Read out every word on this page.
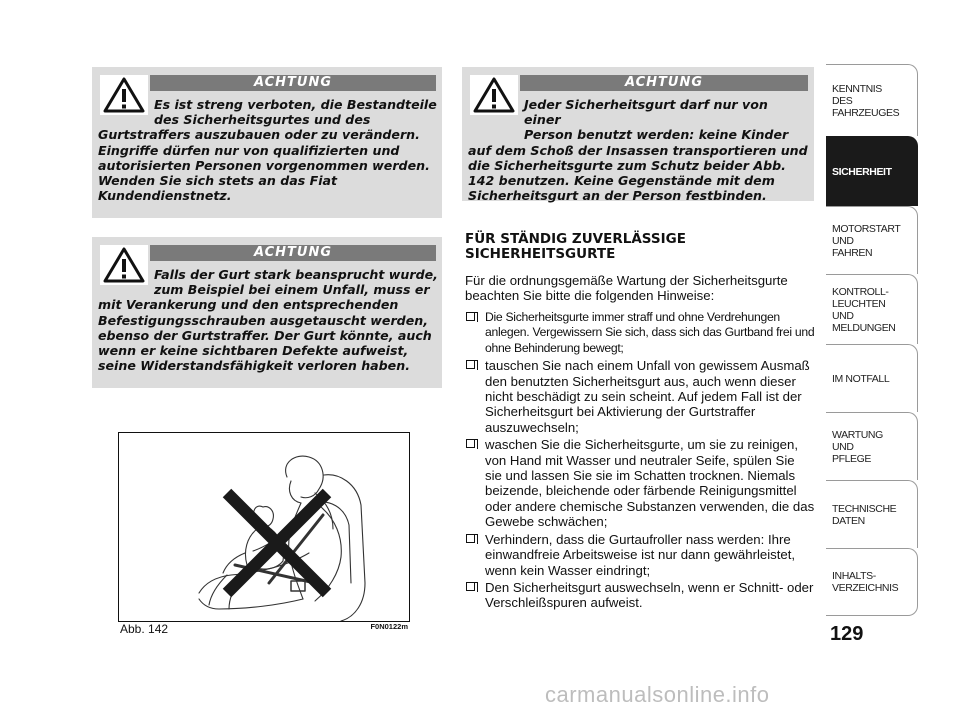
ACHTUNG
Es ist streng verboten, die Bestandteile
des Sicherheitsgurtes und des
Gurtstraffers auszubauen oder zu verändern. Eingriffe dürfen nur von qualifizierten und autorisierten Personen vorgenommen werden. Wenden Sie sich stets an das Fiat Kundendienstnetz.
ACHTUNG
Falls der Gurt stark beansprucht wurde,
zum Beispiel bei einem Unfall, muss er
mit Verankerung und den entsprechenden Befestigungsschrauben ausgetauscht werden, ebenso der Gurtstraffer. Der Gurt könnte, auch wenn er keine sichtbaren Defekte aufweist, seine Widerstandsfähigkeit verloren haben.
ACHTUNG
Jeder Sicherheitsgurt darf nur von einer
Person benutzt werden: keine Kinder
auf dem Schoß der Insassen transportieren und die Sicherheitsgurte zum Schutz beider Abb. 142 benutzen. Keine Gegenstände mit dem Sicherheitsgurt an der Person festbinden.
FÜR STÄNDIG ZUVERLÄSSIGE SICHERHEITSGURTE
Für die ordnungsgemäße Wartung der Sicherheitsgurte beachten Sie bitte die folgenden Hinweise:
Die Sicherheitsgurte immer straff und ohne Verdrehungen anlegen. Vergewissern Sie sich, dass sich das Gurtband frei und ohne Behinderung bewegt;
tauschen Sie nach einem Unfall von gewissem Ausmaß den benutzten Sicherheitsgurt aus, auch wenn dieser nicht beschädigt zu sein scheint. Auf jedem Fall ist der Sicherheitsgurt bei Aktivierung der Gurtstraffer auszuwechseln;
waschen Sie die Sicherheitsgurte, um sie zu reinigen, von Hand mit Wasser und neutraler Seife, spülen Sie sie und lassen Sie sie im Schatten trocknen. Niemals beizende, bleichende oder färbende Reinigungsmittel oder andere chemische Substanzen verwenden, die das Gewebe schwächen;
Verhindern, dass die Gurtaufroller nass werden: Ihre einwandfreie Arbeitsweise ist nur dann gewährleistet, wenn kein Wasser eindringt;
Den Sicherheitsgurt auswechseln, wenn er Schnitt- oder Verschleißspuren aufweist.
Abb. 142	F0N0122m
KENNTNIS DES FAHRZEUGES
SICHERHEIT
MOTORSTART UND FAHREN
KONTROLL- LEUCHTEN UND MELDUNGEN
IM NOTFALL
WARTUNG UND PFLEGE
TECHNISCHE DATEN
INHALTS- VERZEICHNIS
129
carmanualsonline.info
